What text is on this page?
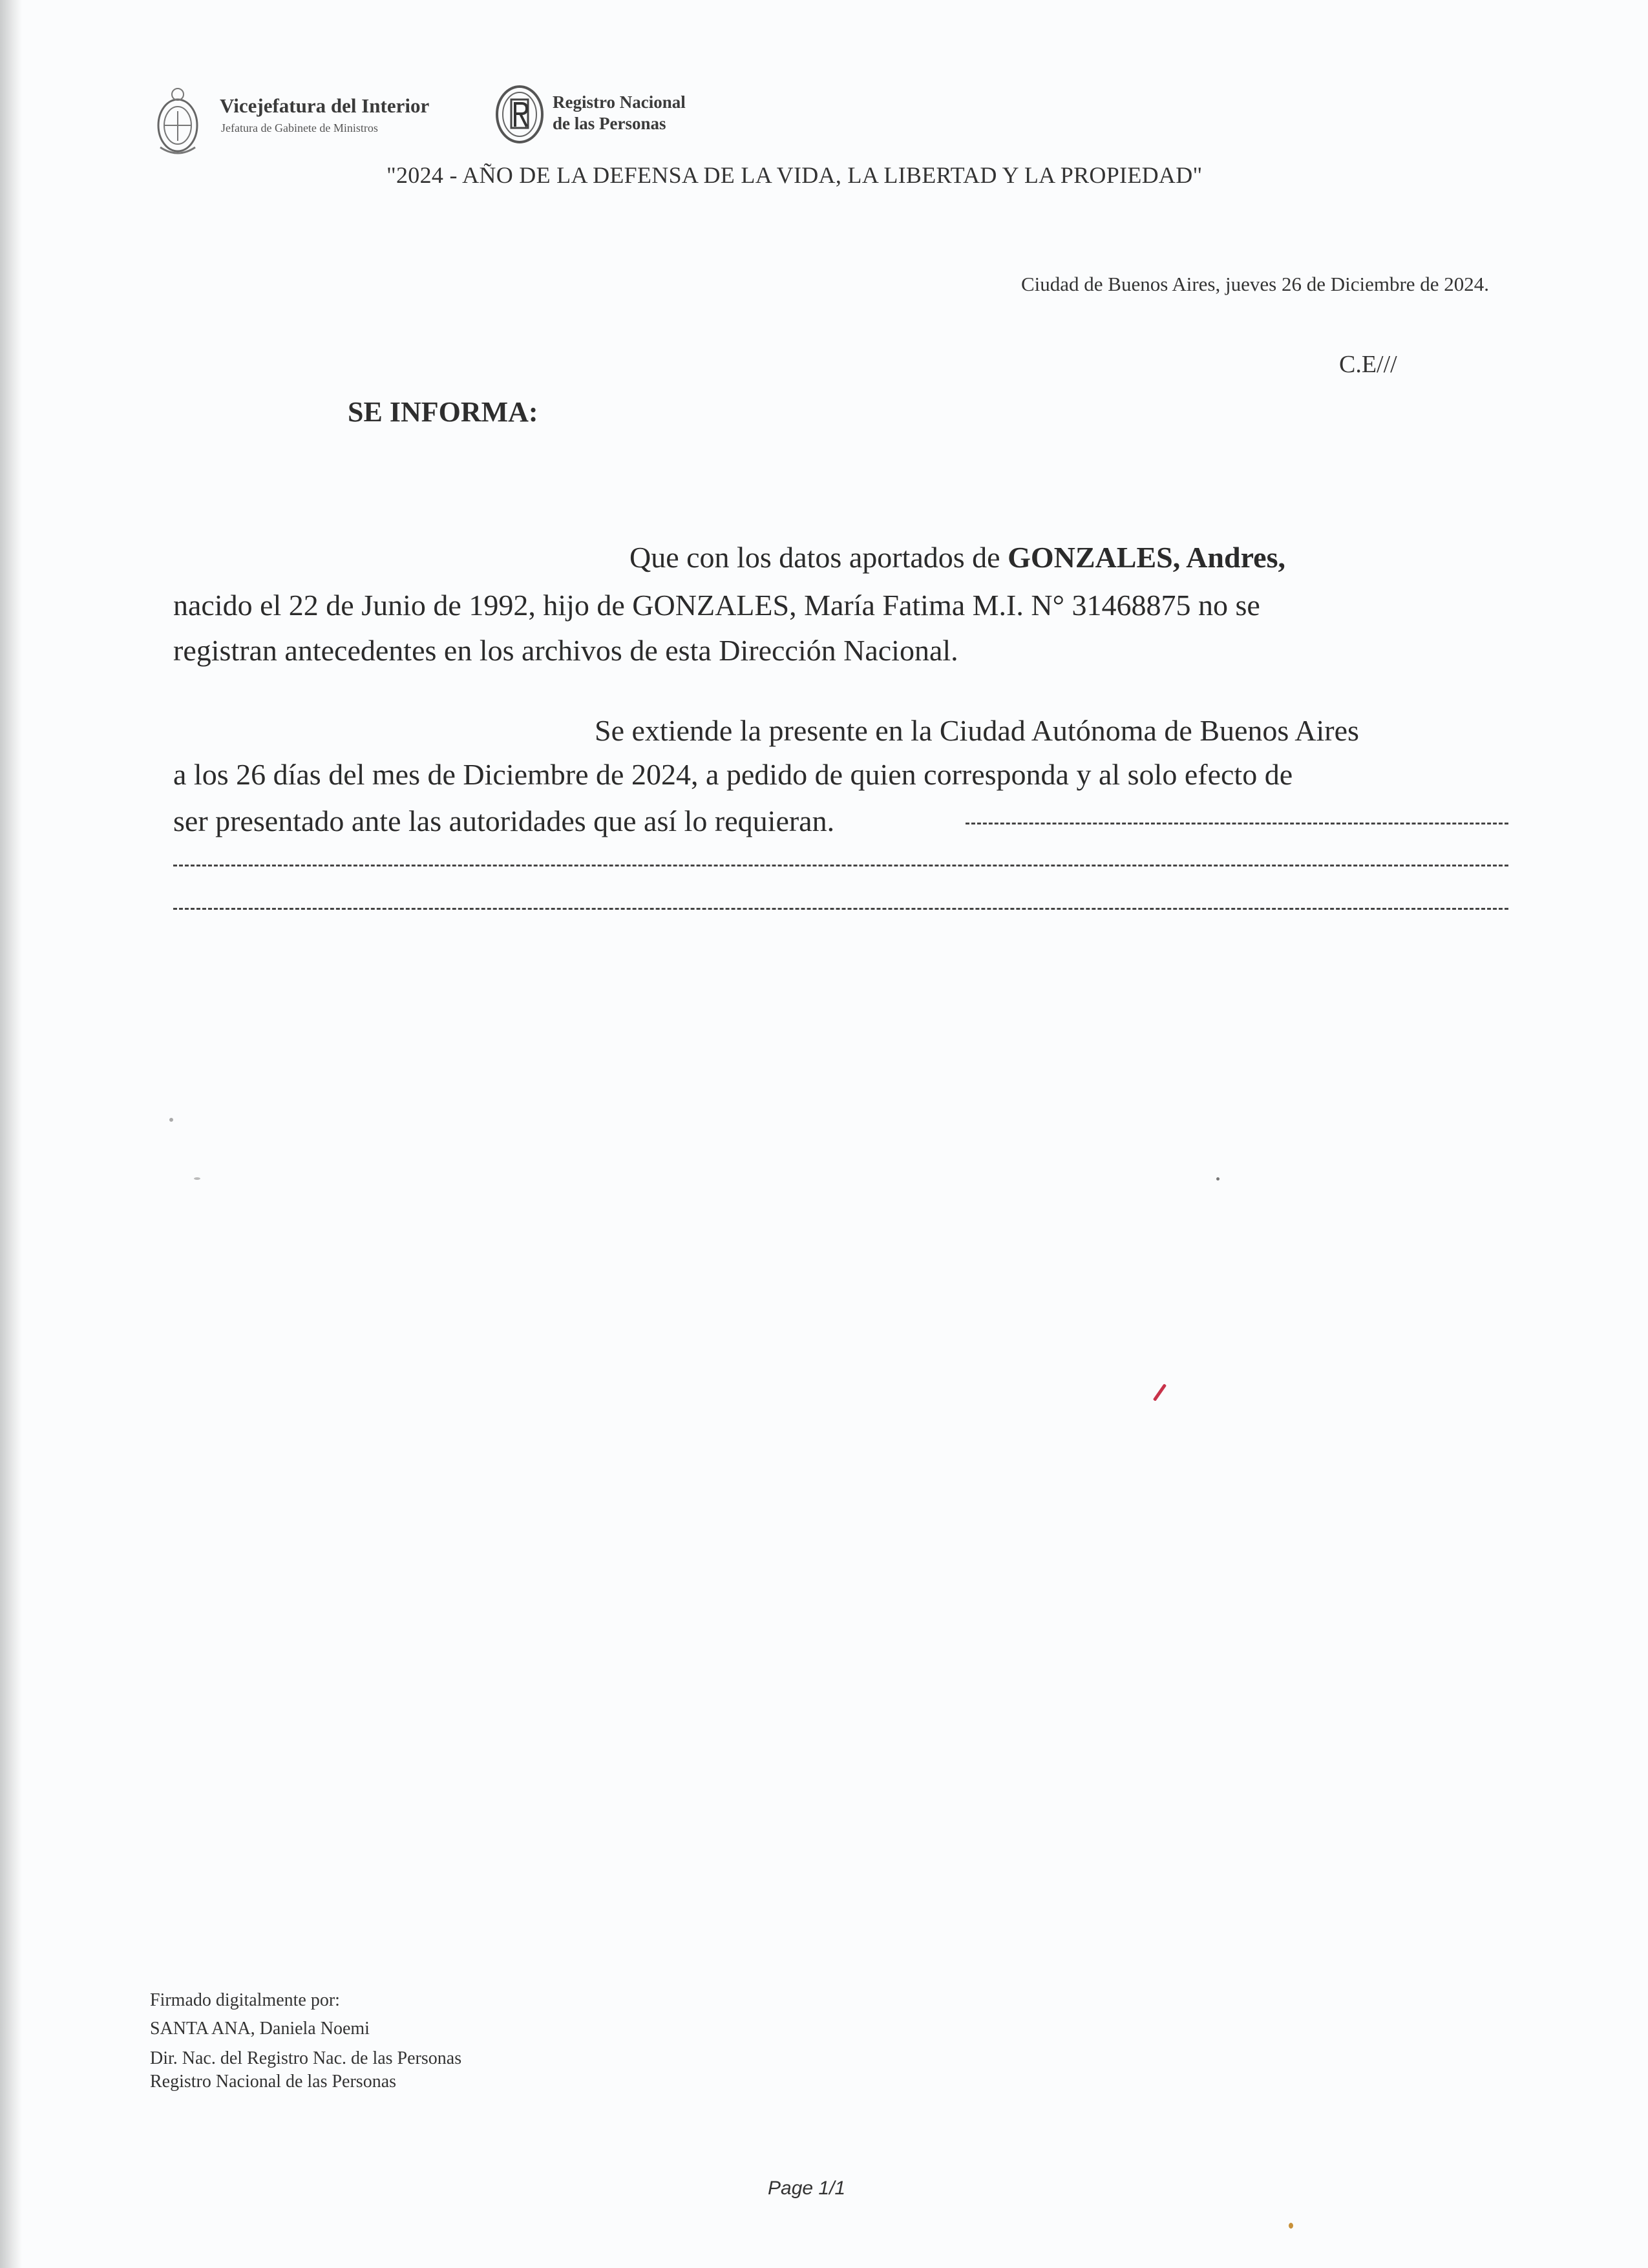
Vicejefatura del Interior
Jefatura de Gabinete de Ministros
Registro Nacional
de las Personas
"2024 - AÑO DE LA DEFENSA DE LA VIDA, LA LIBERTAD Y LA PROPIEDAD"
Ciudad de Buenos Aires, jueves 26 de Diciembre de 2024.
C.E///
SE INFORMA:
Que con los datos aportados de GONZALES, Andres,
nacido el 22 de Junio de 1992, hijo de GONZALES, María Fatima M.I. N° 31468875 no se
registran antecedentes en los archivos de esta Dirección Nacional.
Se extiende la presente en la Ciudad Autónoma de Buenos Aires
a los 26 días del mes de Diciembre de 2024, a pedido de quien corresponda y al solo efecto de
ser presentado ante las autoridades que así lo requieran.
Firmado digitalmente por:
SANTA ANA, Daniela Noemi
Dir. Nac. del Registro Nac. de las Personas
Registro Nacional de las Personas
Page 1/1
